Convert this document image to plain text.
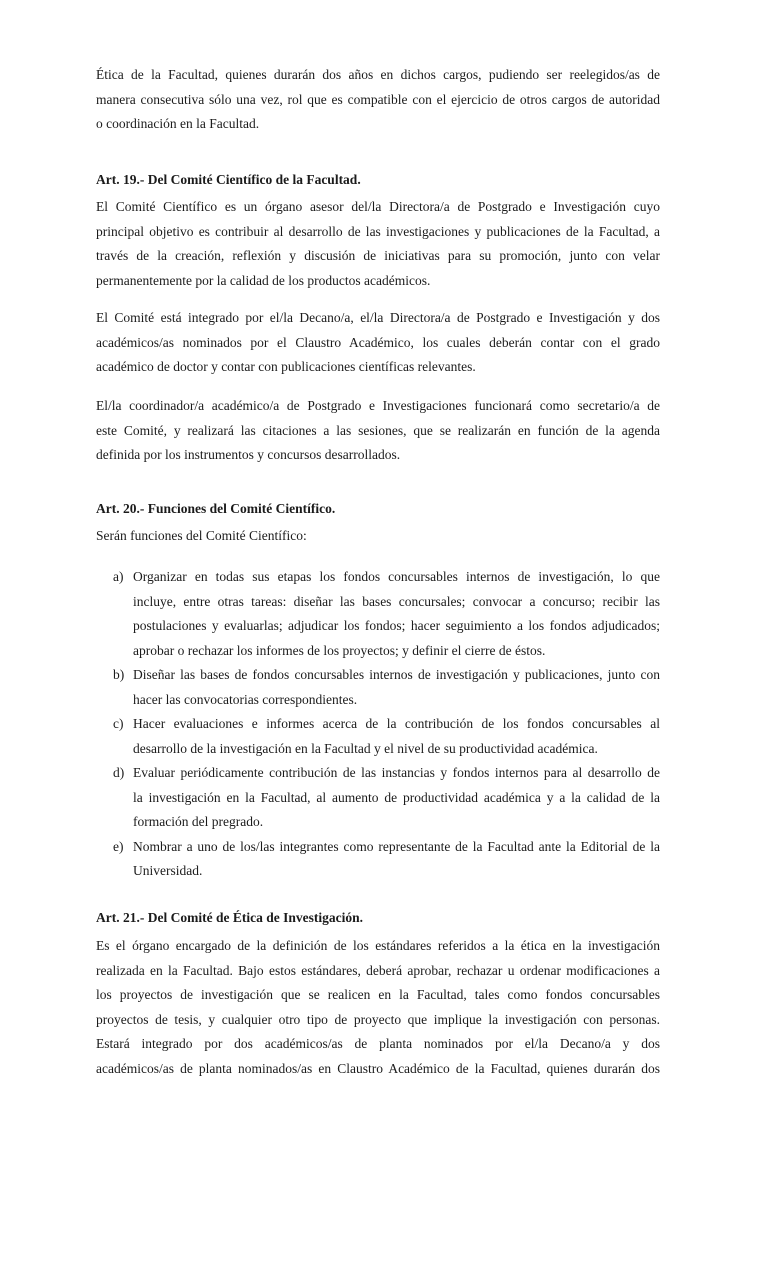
Ética de la Facultad, quienes durarán dos años en dichos cargos, pudiendo ser reelegidos/as de
manera consecutiva sólo una vez, rol que es compatible con el ejercicio de otros cargos de autoridad
o coordinación en la Facultad.
Art. 19.- Del Comité Científico de la Facultad.
El Comité Científico es un órgano asesor del/la Directora/a de Postgrado e Investigación cuyo
principal objetivo es contribuir al desarrollo de las investigaciones y publicaciones de la Facultad, a
través de la creación, reflexión y discusión de iniciativas para su promoción, junto con velar
permanentemente por la calidad de los productos académicos.
El Comité está integrado por el/la Decano/a, el/la Directora/a de Postgrado e Investigación y dos
académicos/as nominados por el Claustro Académico, los cuales deberán contar con el grado
académico de doctor y contar con publicaciones científicas relevantes.
El/la coordinador/a académico/a de Postgrado e Investigaciones funcionará como secretario/a de
este Comité, y realizará las citaciones a las sesiones, que se realizarán en función de la agenda
definida por los instrumentos y concursos desarrollados.
Art. 20.- Funciones del Comité Científico.
Serán funciones del Comité Científico:
a) Organizar en todas sus etapas los fondos concursables internos de investigación, lo que
incluye, entre otras tareas: diseñar las bases concursales; convocar a concurso; recibir las
postulaciones y evaluarlas; adjudicar los fondos; hacer seguimiento a los fondos adjudicados;
aprobar o rechazar los informes de los proyectos; y definir el cierre de éstos.
b) Diseñar las bases de fondos concursables internos de investigación y publicaciones, junto con
hacer las convocatorias correspondientes.
c) Hacer evaluaciones e informes acerca de la contribución de los fondos concursables al
desarrollo de la investigación en la Facultad y el nivel de su productividad académica.
d) Evaluar periódicamente contribución de las instancias y fondos internos para al desarrollo de
la investigación en la Facultad, al aumento de productividad académica y a la calidad de la
formación del pregrado.
e) Nombrar a uno de los/las integrantes como representante de la Facultad ante la Editorial de la
Universidad.
Art. 21.- Del Comité de Ética de Investigación.
Es el órgano encargado de la definición de los estándares referidos a la ética en la investigación
realizada en la Facultad. Bajo estos estándares, deberá aprobar, rechazar u ordenar modificaciones a
los proyectos de investigación que se realicen en la Facultad, tales como fondos concursables
proyectos de tesis, y cualquier otro tipo de proyecto que implique la investigación con personas.
Estará integrado por dos académicos/as de planta nominados por el/la Decano/a y dos
académicos/as de planta nominados/as en Claustro Académico de la Facultad, quienes durarán dos
